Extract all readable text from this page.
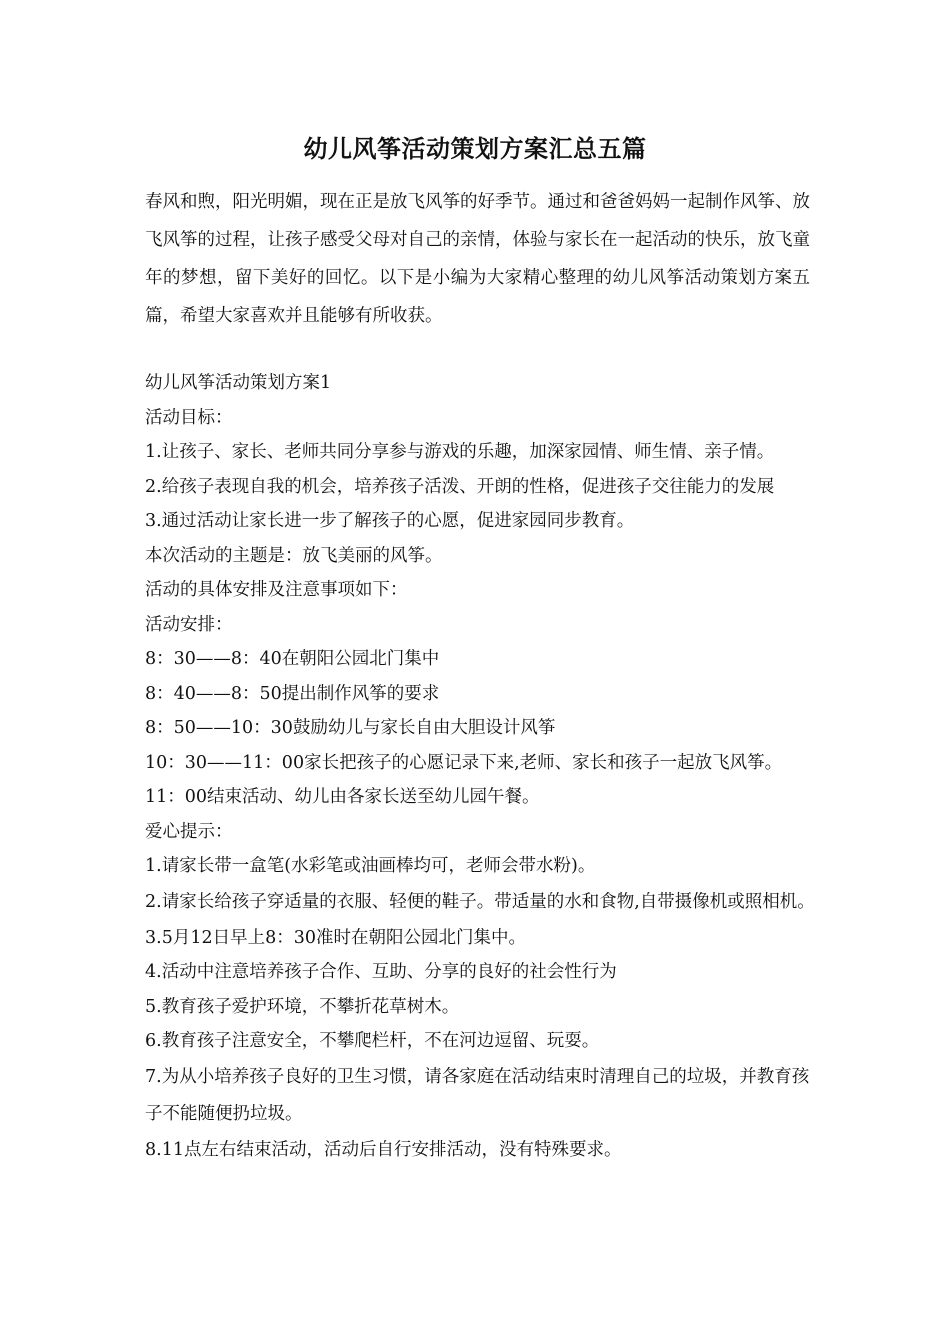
幼儿风筝活动策划方案汇总五篇

春风和煦，阳光明媚，现在正是放飞风筝的好季节。通过和爸爸妈妈一起制作风筝、放飞风筝的过程，让孩子感受父母对自己的亲情，体验与家长在一起活动的快乐，放飞童年的梦想，留下美好的回忆。以下是小编为大家精心整理的幼儿风筝活动策划方案五篇，希望大家喜欢并且能够有所收获。

幼儿风筝活动策划方案1
活动目标：
1.让孩子、家长、老师共同分享参与游戏的乐趣，加深家园情、师生情、亲子情。
2.给孩子表现自我的机会，培养孩子活泼、开朗的性格，促进孩子交往能力的发展
3.通过活动让家长进一步了解孩子的心愿，促进家园同步教育。
本次活动的主题是：放飞美丽的风筝。
活动的具体安排及注意事项如下：
活动安排：
8：30——8：40在朝阳公园北门集中
8：40——8：50提出制作风筝的要求
8：50——10：30鼓励幼儿与家长自由大胆设计风筝
10：30——11：00家长把孩子的心愿记录下来,老师、家长和孩子一起放飞风筝。
11：00结束活动、幼儿由各家长送至幼儿园午餐。
爱心提示：
1.请家长带一盒笔(水彩笔或油画棒均可，老师会带水粉)。
2.请家长给孩子穿适量的衣服、轻便的鞋子。带适量的水和食物,自带摄像机或照相机。
3.5月12日早上8：30准时在朝阳公园北门集中。
4.活动中注意培养孩子合作、互助、分享的良好的社会性行为
5.教育孩子爱护环境，不攀折花草树木。
6.教育孩子注意安全，不攀爬栏杆，不在河边逗留、玩耍。
7.为从小培养孩子良好的卫生习惯，请各家庭在活动结束时清理自己的垃圾，并教育孩子不能随便扔垃圾。
8.11点左右结束活动，活动后自行安排活动，没有特殊要求。
